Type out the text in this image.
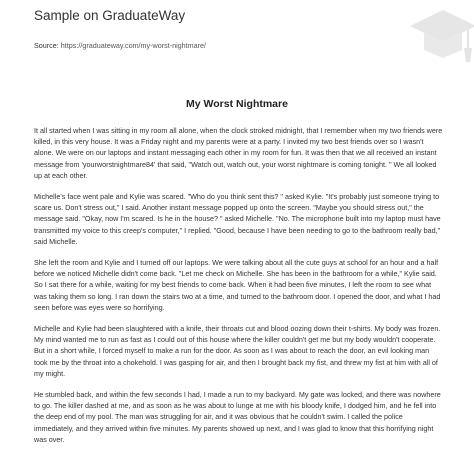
Sample on GraduateWay
Source: https://graduateway.com/my-worst-nightmare/
My Worst Nightmare

It all started when I was sitting in my room all alone, when the clock stroked midnight, that I remember when my two friends were killed, in this very house. It was a Friday night and my parents were at a party. I invited my two best friends over so I wasn't alone. We were on our laptops and instant messaging each other in my room for fun. It was then that we all received an instant message from 'yourworstnightmare84' that said, "Watch out, watch out, your worst nightmare is coming tonight. " We all looked up at each other.

Michelle's face went pale and Kylie was scared. "Who do you think sent this? " asked Kylie. "It's probably just someone trying to scare us. Don't stress out," I said. Another instant message popped up onto the screen. "Maybe you should stress out," the message said. "Okay, now I'm scared. Is he in the house? " asked Michelle. "No. The microphone built into my laptop must have transmitted my voice to this creep's computer," I replied. "Good, because I have been needing to go to the bathroom really bad," said Michelle.

She left the room and Kylie and I turned off our laptops. We were talking about all the cute guys at school for an hour and a half before we noticed Michelle didn't come back. "Let me check on Michelle. She has been in the bathroom for a while," Kylie said. So I sat there for a while, waiting for my best friends to come back. When it had been five minutes, I left the room to see what was taking them so long. I ran down the stairs two at a time, and turned to the bathroom door. I opened the door, and what I had seen before was eyes were so horrifying.

Michelle and Kylie had been slaughtered with a knife, their throats cut and blood oozing down their t-shirts. My body was frozen. My mind wanted me to run as fast as I could out of this house where the killer couldn't get me but my body wouldn't cooperate. But in a short while, I forced myself to make a run for the door. As soon as I was about to reach the door, an evil looking man took me by the throat into a chokehold. I was gasping for air, and then I brought back my fist, and threw my fist at him with all of my might.

He stumbled back, and within the few seconds I had, I made a run to my backyard. My gate was locked, and there was nowhere to go. The killer dashed at me, and as soon as he was about to lunge at me with his bloody knife, I dodged him, and he fell into the deep end of my pool. The man was struggling for air, and it was obvious that he couldn't swim. I called the police immediately, and they arrived within five minutes. My parents showed up next, and I was glad to know that this horrifying night was over.
